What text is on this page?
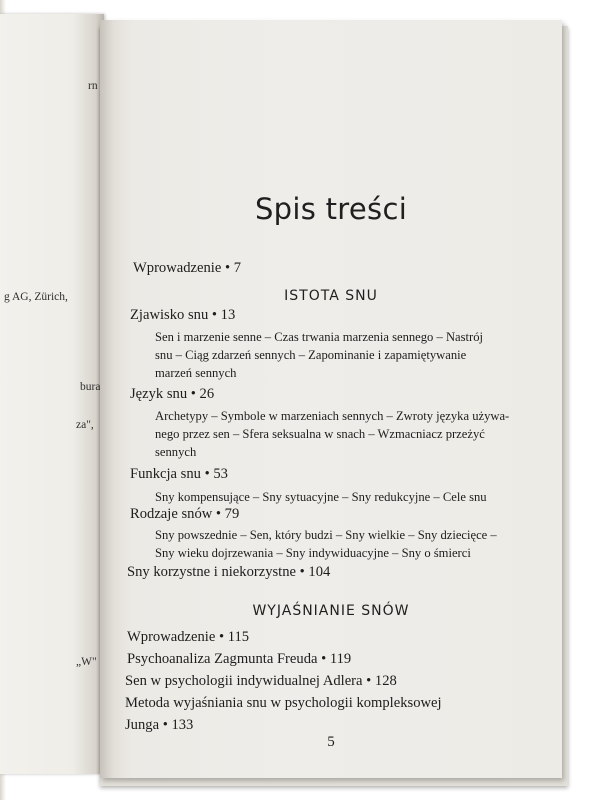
rn
g AG, Zürich,
bura
za",
„W"
Spis treści
Wprowadzenie • 7
ISTOTA SNU
Zjawisko snu • 13
Sen i marzenie senne – Czas trwania marzenia sennego – Nastrój
snu – Ciąg zdarzeń sennych – Zapominanie i zapamiętywanie
marzeń sennych
Język snu • 26
Archetypy – Symbole w marzeniach sennych – Zwroty języka używa-
nego przez sen – Sfera seksualna w snach – Wzmacniacz przeżyć
sennych
Funkcja snu • 53
Sny kompensujące – Sny sytuacyjne – Sny redukcyjne – Cele snu
Rodzaje snów • 79
Sny powszednie – Sen, który budzi – Sny wielkie – Sny dziecięce –
Sny wieku dojrzewania – Sny indywiduacyjne – Sny o śmierci
Sny korzystne i niekorzystne • 104
WYJAŚNIANIE SNÓW
Wprowadzenie • 115
Psychoanaliza Zagmunta Freuda • 119
Sen w psychologii indywidualnej Adlera • 128
Metoda wyjaśniania snu w psychologii kompleksowej
Junga • 133
5
